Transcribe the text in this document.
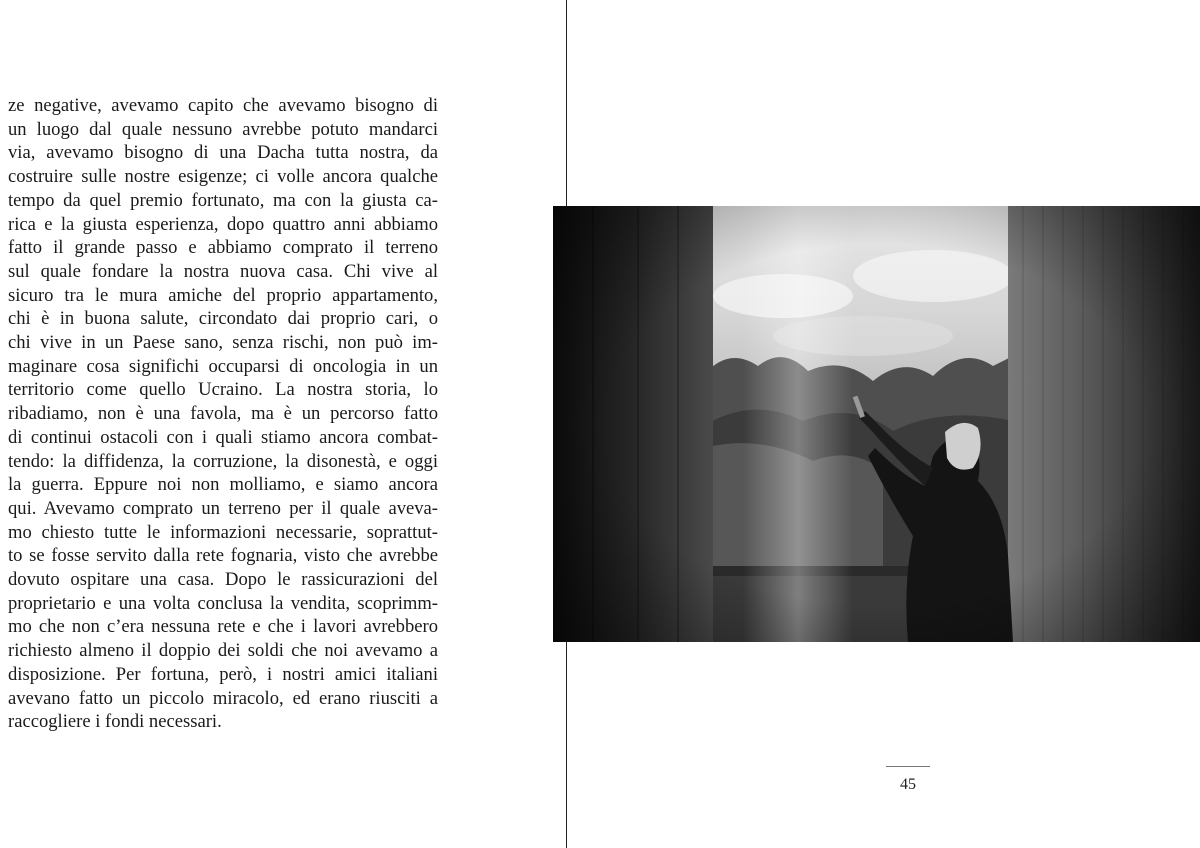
ze negative, avevamo capito che avevamo bisogno di
un luogo dal quale nessuno avrebbe potuto mandarci
via, avevamo bisogno di una Dacha tutta nostra, da
costruire sulle nostre esigenze; ci volle ancora qualche
tempo da quel premio fortunato, ma con la giusta ca-
rica e la giusta esperienza, dopo quattro anni abbiamo
fatto il grande passo e abbiamo comprato il terreno
sul quale fondare la nostra nuova casa. Chi vive al
sicuro tra le mura amiche del proprio appartamento,
chi è in buona salute, circondato dai proprio cari, o
chi vive in un Paese sano, senza rischi, non può im-
maginare cosa significhi occuparsi di oncologia in un
territorio come quello Ucraino. La nostra storia, lo
ribadiamo, non è una favola, ma è un percorso fatto
di continui ostacoli con i quali stiamo ancora combat-
tendo: la diffidenza, la corruzione, la disonestà, e oggi
la guerra. Eppure noi non molliamo, e siamo ancora
qui. Avevamo comprato un terreno per il quale aveva-
mo chiesto tutte le informazioni necessarie, soprattut-
to se fosse servito dalla rete fognaria, visto che avrebbe
dovuto ospitare una casa. Dopo le rassicurazioni del
proprietario e una volta conclusa la vendita, scoprimm-
mo che non c’era nessuna rete e che i lavori avrebbero
richiesto almeno il doppio dei soldi che noi avevamo a
disposizione. Per fortuna, però, i nostri amici italiani
avevano fatto un piccolo miracolo, ed erano riusciti a
raccogliere i fondi necessari.
45
